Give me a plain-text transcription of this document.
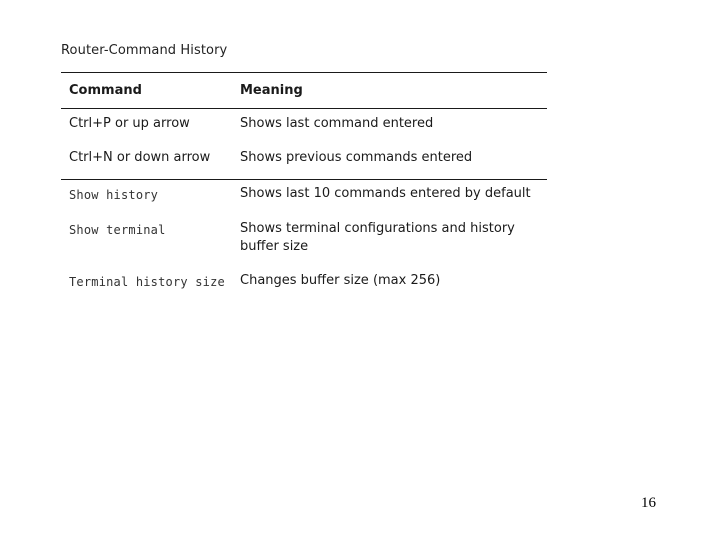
Router-Command History
Command	Meaning
Ctrl+P or up arrow	Shows last command entered
Ctrl+N or down arrow	Shows previous commands entered
Show history	Shows last 10 commands entered by default
Show terminal	Shows terminal configurations and history buffer size
Terminal history size	Changes buffer size (max 256)
16
